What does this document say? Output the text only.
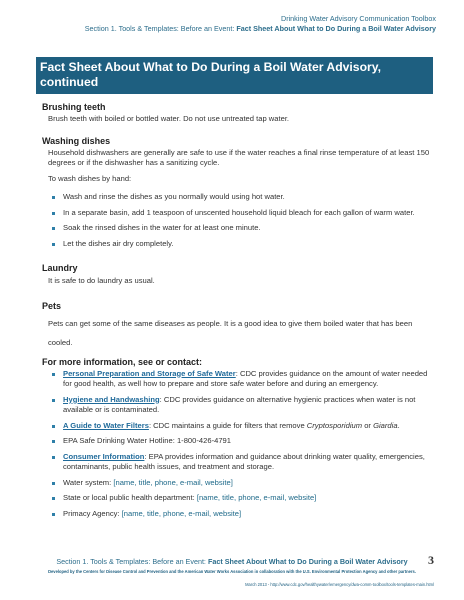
Drinking Water Advisory Communication Toolbox
Section 1. Tools & Templates: Before an Event: Fact Sheet About What to Do During a Boil Water Advisory
Fact Sheet About What to Do During a Boil Water Advisory, continued
Brushing teeth

Brush teeth with boiled or bottled water. Do not use untreated tap water.

Washing dishes

Household dishwashers are generally are safe to use if the water reaches a final rinse temperature of at least 150 degrees or if the dishwasher has a sanitizing cycle.

To wash dishes by hand:

Wash and rinse the dishes as you normally would using hot water.
In a separate basin, add 1 teaspoon of unscented household liquid bleach for each gallon of warm water.
Soak the rinsed dishes in the water for at least one minute.
Let the dishes air dry completely.
Laundry

It is safe to do laundry as usual.

Pets

Pets can get some of the same diseases as people. It is a good idea to give them boiled water that has been cooled.

For more information, see or contact:
Personal Preparation and Storage of Safe Water: CDC provides guidance on the amount of water needed for good health, as well how to prepare and store safe water before and during an emergency.
Hygiene and Handwashing: CDC provides guidance on alternative hygienic practices when water is not available or is contaminated.
A Guide to Water Filters: CDC maintains a guide for filters that remove Cryptosporidium or Giardia.
EPA Safe Drinking Water Hotline: 1-800-426-4791
Consumer Information: EPA provides information and guidance about drinking water quality, emergencies, contaminants, public health issues, and treatment and storage.
Water system: [name, title, phone, e-mail, website]
State or local public health department: [name, title, phone, e-mail, website]
Primacy Agency: [name, title, phone, e-mail, website]
Section 1. Tools & Templates: Before an Event: Fact Sheet About What to Do During a Boil Water Advisory	3
Developed by the Centers for Disease Control and Prevention and the American Water Works Association in collaboration with the U.S. Environmental Protection Agency and other partners.
March 2013 - http://www.cdc.gov/healthywater/emergency/dwa-comm-toolbox/tools-templates-main.html
